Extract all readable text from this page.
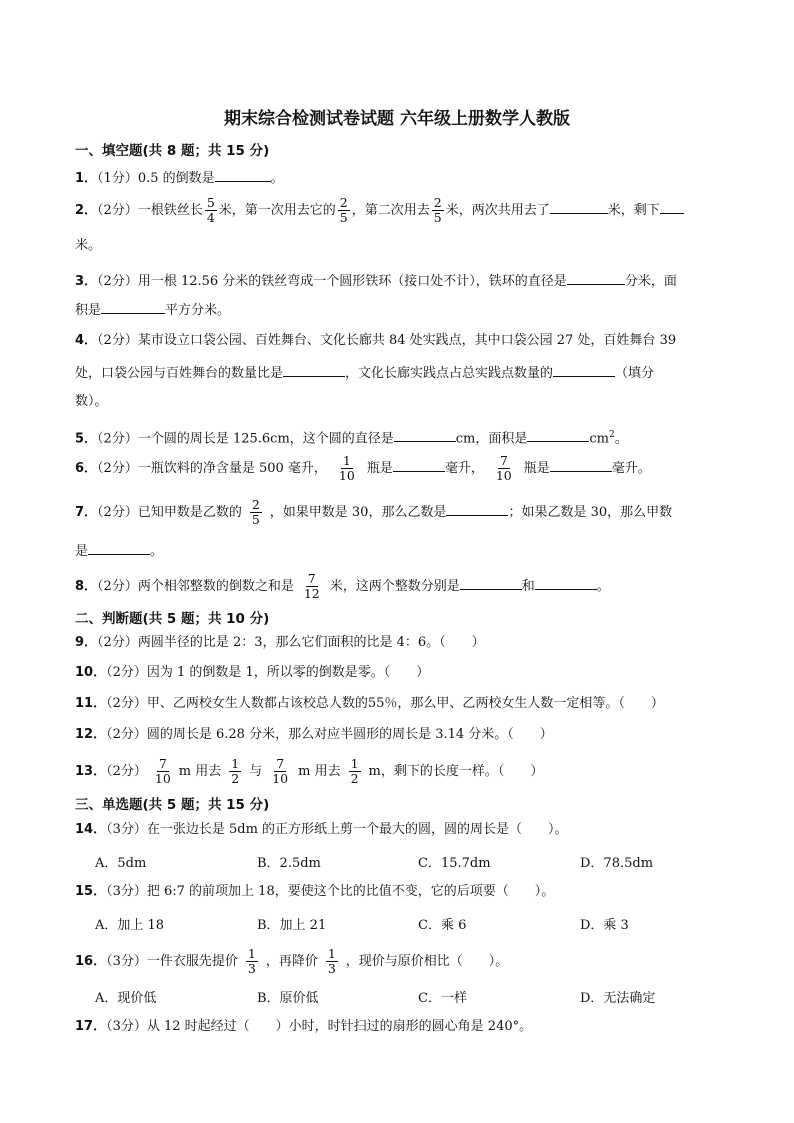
期末综合检测试卷试题 六年级上册数学人教版
一、填空题(共 8 题；共 15 分)
1．（1分）0.5 的倒数是	。
2．（2分）一根铁丝长 $\frac{5}{4}$ 米，第一次用去它的 $\frac{2}{5}$ ，第二次用去 $\frac{2}{5}$ 米，两次共用去了	米，剩下
米。
3．（2分）用一根 12.56 分米的铁丝弯成一个圆形铁环（接口处不计），铁环的直径是	分米，面
积是	平方分米。
4．（2分）某市设立口袋公园、百姓舞台、文化长廊共 84 处实践点，其中口袋公园 27 处，百姓舞台 39
处，口袋公园与百姓舞台的数量比是	，文化长廊实践点占总实践点数量的	（填分
数）。
5．（2分）一个圆的周长是 125.6cm，这个圆的直径是	cm，面积是	$cm^2$。
6．（2分）一瓶饮料的净含量是 500 毫升， $\frac{1}{10}$ 瓶是	毫升， $\frac{7}{10}$ 瓶是	毫升。
7．（2分）已知甲数是乙数的 $\frac{2}{5}$ ，如果甲数是 30，那么乙数是	；如果乙数是 30，那么甲数
是	。
8．（2分）两个相邻整数的倒数之和是 $\frac{7}{12}$ 米，这两个整数分别是	和	。
二、判断题(共 5 题；共 10 分)
9．（2分）两圆半径的比是 2：3，那么它们面积的比是 4：6。（　　）
10．（2分）因为 1 的倒数是 1，所以零的倒数是零。（　　）
11．（2分）甲、乙两校女生人数都占该校总人数的55％，那么甲、乙两校女生人数一定相等。（　　）
12．（2分）圆的周长是 6.28 分米，那么对应半圆形的周长是 3.14 分米。（　　）
13．（2分） $\frac{7}{10}$ m 用去 $\frac{1}{2}$ 与 $\frac{7}{10}$ m 用去 $\frac{1}{2}$ m，剩下的长度一样。（　　）
三、单选题(共 5 题；共 15 分)
14．（3分）在一张边长是 5dm 的正方形纸上剪一个最大的圆，圆的周长是（　　）。
A．5dm	B．2.5dm	C．15.7dm	D．78.5dm
15．（3分）把 6:7 的前项加上 18，要使这个比的比值不变，它的后项要（　　）。
A．加上 18	B．加上 21	C．乘 6	D．乘 3
16．（3分）一件衣服先提价 $\frac{1}{3}$ ，再降价 $\frac{1}{3}$ ，现价与原价相比（　　）。
A．现价低	B．原价低	C．一样	D．无法确定
17．（3分）从 12 时起经过（　　）小时，时针扫过的扇形的圆心角是 240°。
